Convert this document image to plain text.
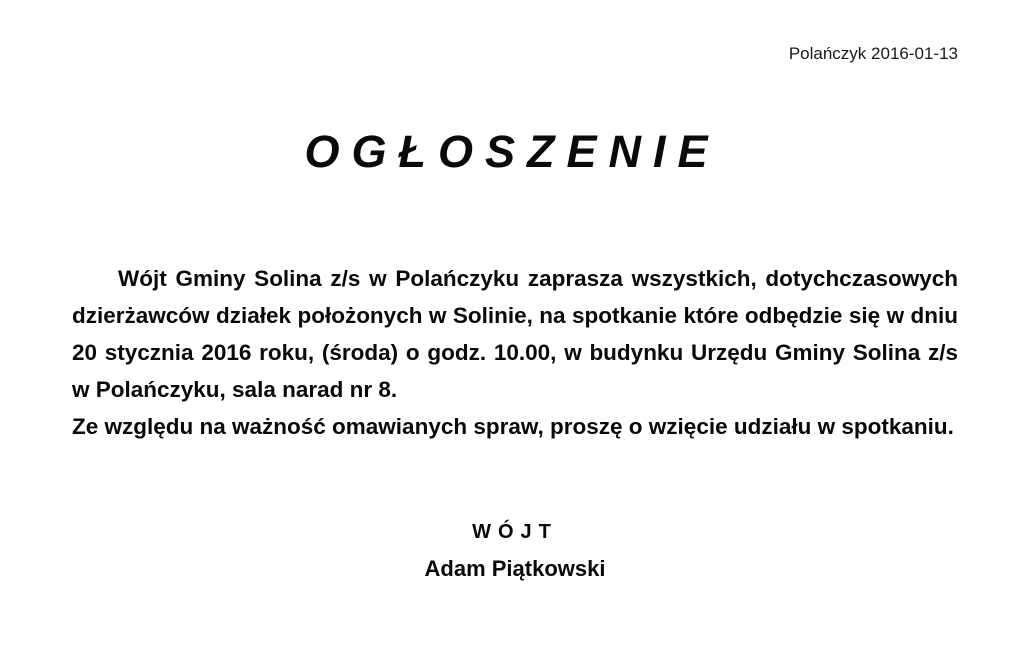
Polańczyk 2016-01-13
OGŁOSZENIE

Wójt Gminy Solina z/s w Polańczyku zaprasza wszystkich, dotychczasowych dzierżawców działek położonych w Solinie, na spotkanie które odbędzie się w dniu 20 stycznia 2016 roku, (środa) o godz. 10.00, w budynku Urzędu Gminy Solina z/s w Polańczyku, sala narad nr 8.

Ze względu na ważność omawianych spraw, proszę o wzięcie udziału w spotkaniu.

WÓJT
Adam Piątkowski
